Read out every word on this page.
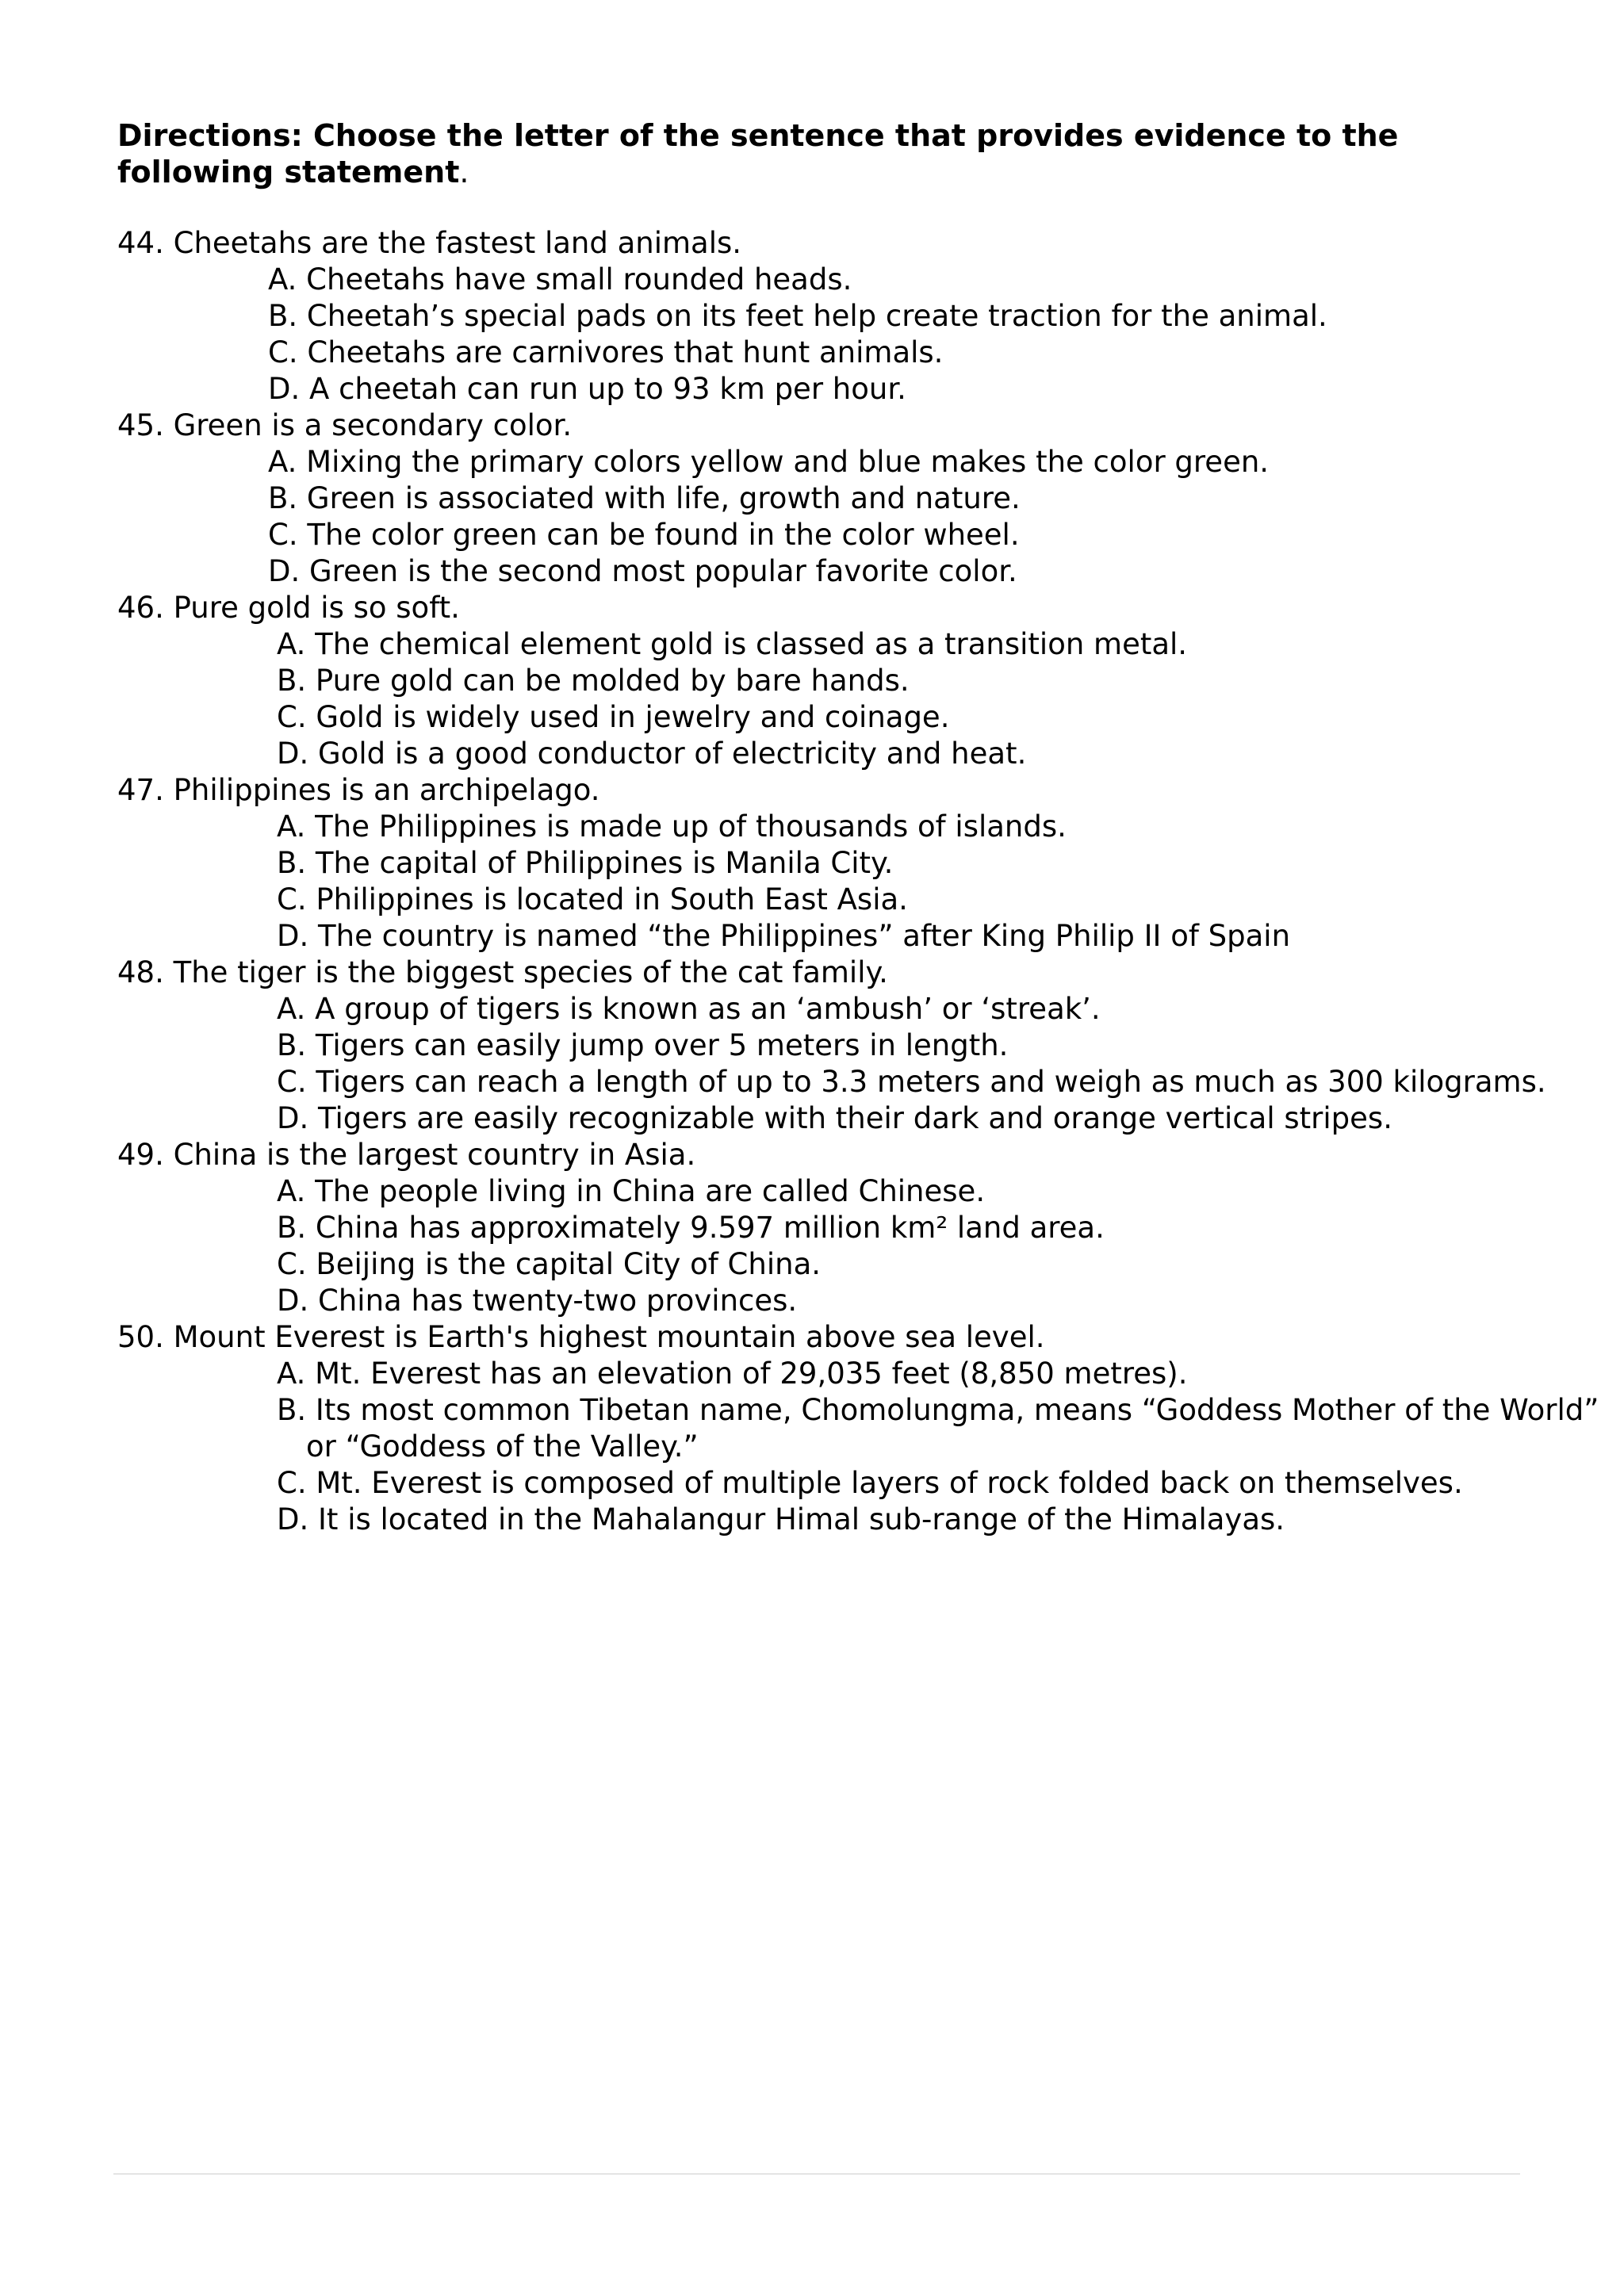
Directions: Choose the letter of the sentence that provides evidence to the following statement.
44. Cheetahs are the fastest land animals.
A. Cheetahs have small rounded heads.
B. Cheetah’s special pads on its feet help create traction for the animal.
C. Cheetahs are carnivores that hunt animals.
D. A cheetah can run up to 93 km per hour.
45. Green is a secondary color.
A. Mixing the primary colors yellow and blue makes the color green.
B. Green is associated with life, growth and nature.
C. The color green can be found in the color wheel.
D. Green is the second most popular favorite color.
46. Pure gold is so soft.
A. The chemical element gold is classed as a transition metal.
B. Pure gold can be molded by bare hands.
C. Gold is widely used in jewelry and coinage.
D. Gold is a good conductor of electricity and heat.
47. Philippines is an archipelago.
A. The Philippines is made up of thousands of islands.
B. The capital of Philippines is Manila City.
C. Philippines is located in South East Asia.
D. The country is named “the Philippines” after King Philip II of Spain
48. The tiger is the biggest species of the cat family.
A. A group of tigers is known as an ‘ambush’ or ‘streak’.
B. Tigers can easily jump over 5 meters in length.
C. Tigers can reach a length of up to 3.3 meters and weigh as much as 300 kilograms.
D. Tigers are easily recognizable with their dark and orange vertical stripes.
49. China is the largest country in Asia.
A. The people living in China are called Chinese.
B. China has approximately 9.597 million km² land area.
C. Beijing is the capital City of China.
D. China has twenty-two provinces.
50. Mount Everest is Earth's highest mountain above sea level.
A. Mt. Everest has an elevation of 29,035 feet (8,850 metres).
B. Its most common Tibetan name, Chomolungma, means “Goddess Mother of the World”
or “Goddess of the Valley.”
C. Mt. Everest is composed of multiple layers of rock folded back on themselves.
D. It is located in the Mahalangur Himal sub-range of the Himalayas.
